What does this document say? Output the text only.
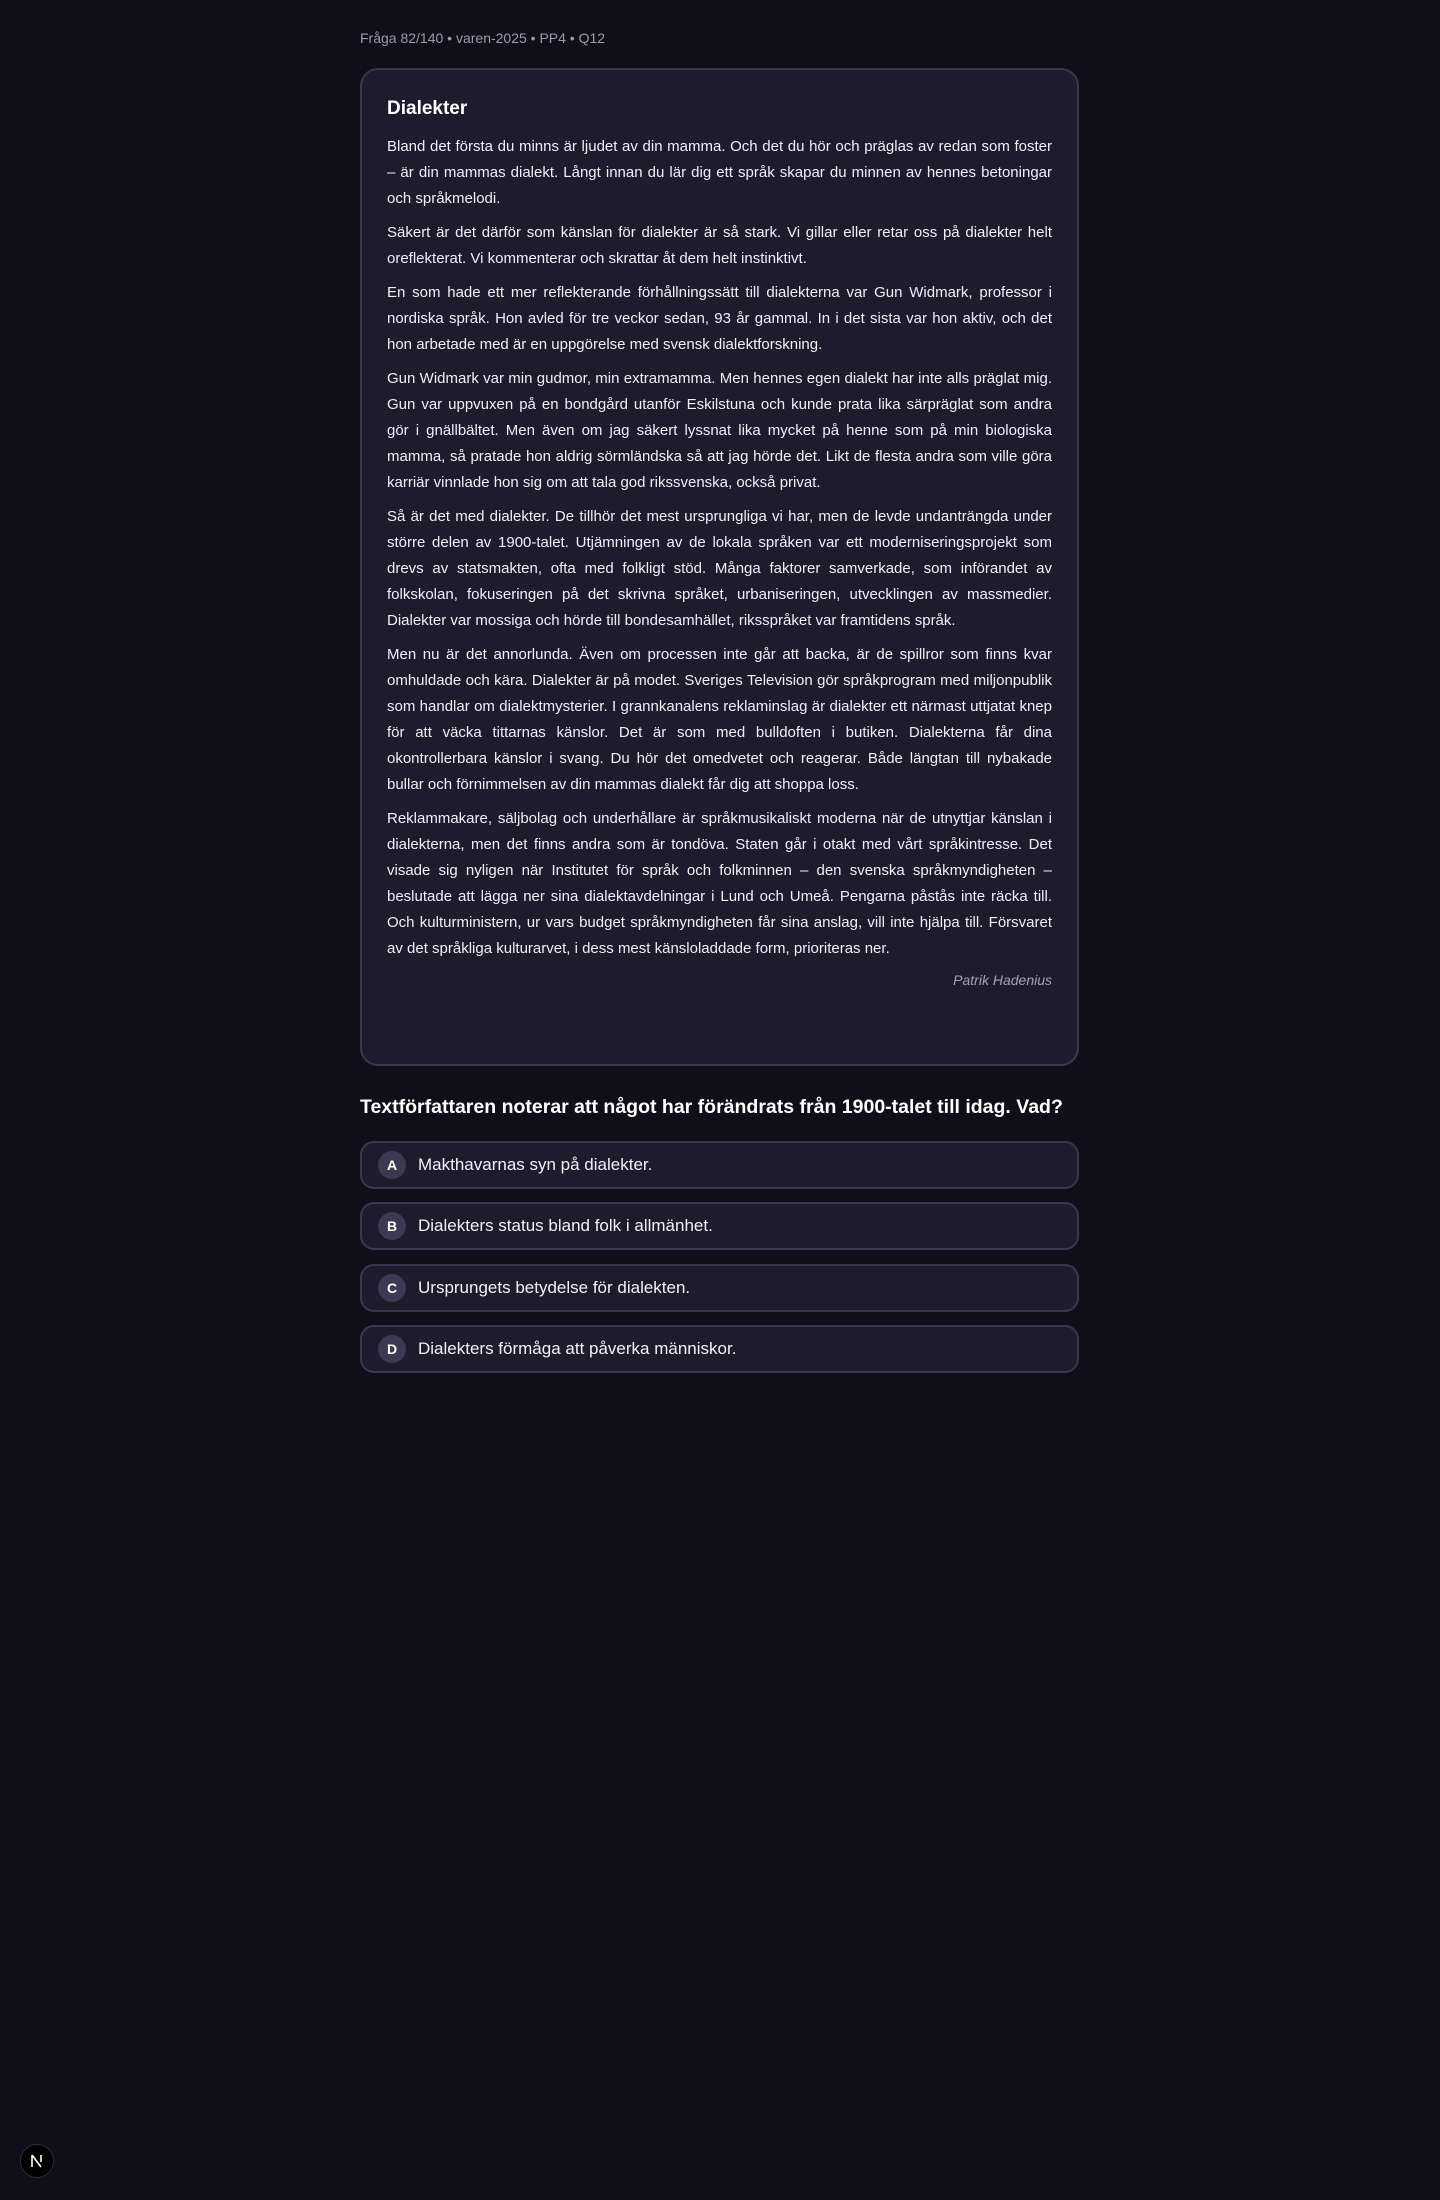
Fråga 82/140 • varen-2025 • PP4 • Q12
Dialekter

Bland det första du minns är ljudet av din mamma. Och det du hör och präglas av redan som foster – är din mammas dialekt. Långt innan du lär dig ett språk skapar du minnen av hennes betoningar och språkmelodi.

Säkert är det därför som känslan för dialekter är så stark. Vi gillar eller retar oss på dialekter helt oreflekterat. Vi kommenterar och skrattar åt dem helt instinktivt.

En som hade ett mer reflekterande förhållningssätt till dialekterna var Gun Widmark, professor i nordiska språk. Hon avled för tre veckor sedan, 93 år gammal. In i det sista var hon aktiv, och det hon arbetade med är en uppgörelse med svensk dialektforskning.

Gun Widmark var min gudmor, min extramamma. Men hennes egen dialekt har inte alls präglat mig. Gun var uppvuxen på en bondgård utanför Eskilstuna och kunde prata lika särpräglat som andra gör i gnällbältet. Men även om jag säkert lyssnat lika mycket på henne som på min biologiska mamma, så pratade hon aldrig sörmländska så att jag hörde det. Likt de flesta andra som ville göra karriär vinnlade hon sig om att tala god rikssvenska, också privat.

Så är det med dialekter. De tillhör det mest ursprungliga vi har, men de levde undanträngda under större delen av 1900-talet. Utjämningen av de lokala språken var ett moderniseringsprojekt som drevs av statsmakten, ofta med folkligt stöd. Många faktorer samverkade, som införandet av folkskolan, fokuseringen på det skrivna språket, urbaniseringen, utvecklingen av massmedier. Dialekter var mossiga och hörde till bondesamhället, riksspråket var framtidens språk.

Men nu är det annorlunda. Även om processen inte går att backa, är de spillror som finns kvar omhuldade och kära. Dialekter är på modet. Sveriges Television gör språkprogram med miljonpublik som handlar om dialektmysterier. I grannkanalens reklaminslag är dialekter ett närmast uttjatat knep för att väcka tittarnas känslor. Det är som med bulldoften i butiken. Dialekterna får dina okontrollerbara känslor i svang. Du hör det omedvetet och reagerar. Både längtan till nybakade bullar och förnimmelsen av din mammas dialekt får dig att shoppa loss.

Reklammakare, säljbolag och underhållare är språkmusikaliskt moderna när de utnyttjar känslan i dialekterna, men det finns andra som är tondöva. Staten går i otakt med vårt språkintresse. Det visade sig nyligen när Institutet för språk och folkminnen – den svenska språkmyndigheten – beslutade att lägga ner sina dialektavdelningar i Lund och Umeå. Pengarna påstås inte räcka till. Och kulturministern, ur vars budget språkmyndigheten får sina anslag, vill inte hjälpa till. Försvaret av det språkliga kulturarvet, i dess mest känsloladdade form, prioriteras ner.

Patrik Hadenius
Textförfattaren noterar att något har förändrats från 1900-talet till idag. Vad?
A	Makthavarnas syn på dialekter.
B	Dialekters status bland folk i allmänhet.
C	Ursprungets betydelse för dialekten.
D	Dialekters förmåga att påverka människor.
